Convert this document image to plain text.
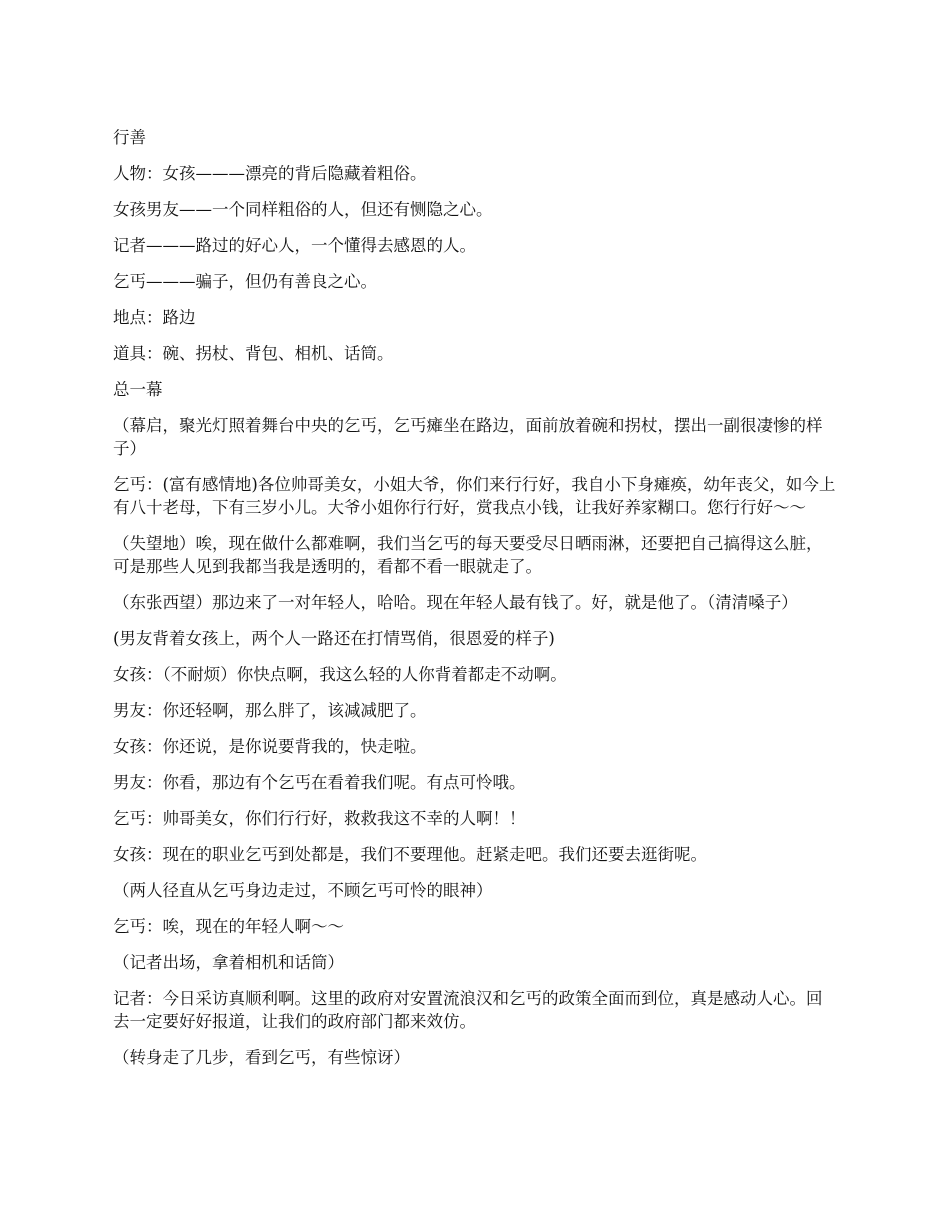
行善

人物：女孩———漂亮的背后隐藏着粗俗。

女孩男友——一个同样粗俗的人，但还有恻隐之心。

记者———路过的好心人，一个懂得去感恩的人。

乞丐———骗子，但仍有善良之心。

地点：路边

道具：碗、拐杖、背包、相机、话筒。

总一幕

（幕启，聚光灯照着舞台中央的乞丐，乞丐瘫坐在路边，面前放着碗和拐杖，摆出一副很凄惨的样子）

乞丐：(富有感情地)各位帅哥美女，小姐大爷，你们来行行好，我自小下身瘫痪，幼年丧父，如今上有八十老母，下有三岁小儿。大爷小姐你行行好，赏我点小钱，让我好养家糊口。您行行好～～

（失望地）唉，现在做什么都难啊，我们当乞丐的每天要受尽日晒雨淋，还要把自己搞得这么脏，可是那些人见到我都当我是透明的，看都不看一眼就走了。

（东张西望）那边来了一对年轻人，哈哈。现在年轻人最有钱了。好，就是他了。（清清嗓子）

(男友背着女孩上，两个人一路还在打情骂俏，很恩爱的样子)

女孩：（不耐烦）你快点啊，我这么轻的人你背着都走不动啊。

男友：你还轻啊，那么胖了，该减减肥了。

女孩：你还说，是你说要背我的，快走啦。

男友：你看，那边有个乞丐在看着我们呢。有点可怜哦。

乞丐：帅哥美女，你们行行好，救救我这不幸的人啊！！

女孩：现在的职业乞丐到处都是，我们不要理他。赶紧走吧。我们还要去逛街呢。

（两人径直从乞丐身边走过，不顾乞丐可怜的眼神）

乞丐：唉，现在的年轻人啊～～

（记者出场，拿着相机和话筒）

记者：今日采访真顺利啊。这里的政府对安置流浪汉和乞丐的政策全面而到位，真是感动人心。回去一定要好好报道，让我们的政府部门都来效仿。

（转身走了几步，看到乞丐，有些惊讶）
